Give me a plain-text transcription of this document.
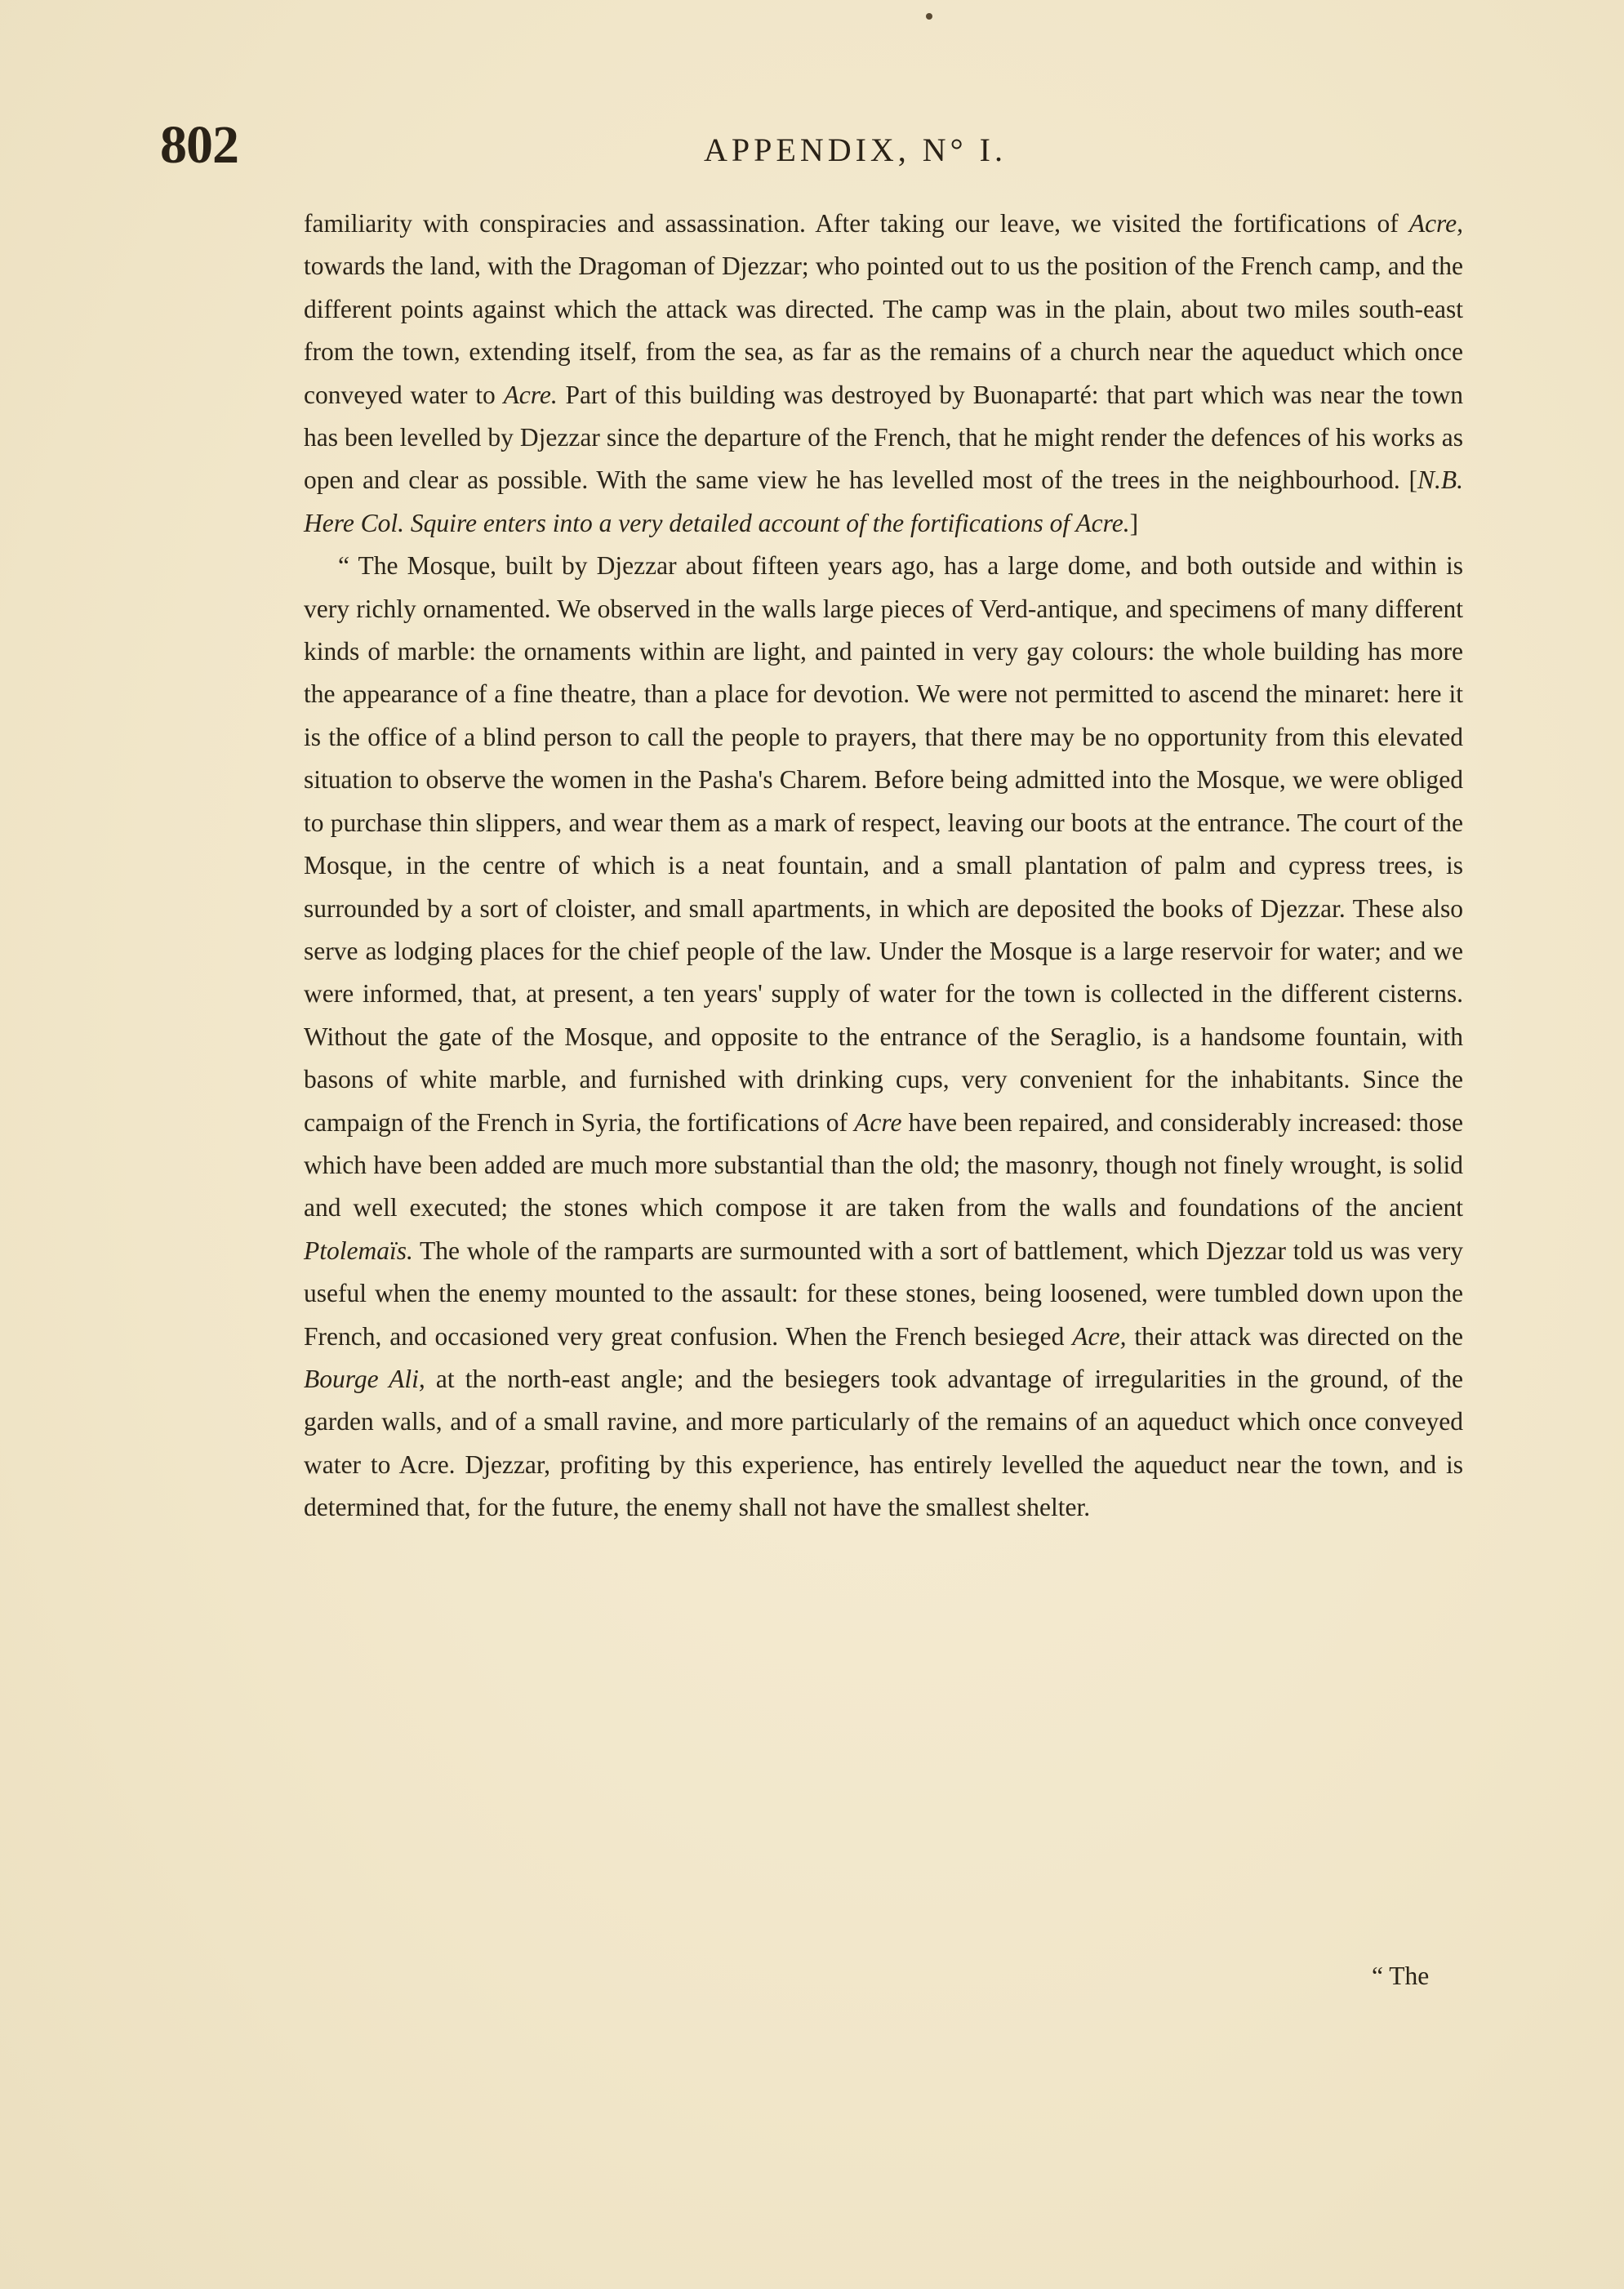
802	APPENDIX, N° I.

familiarity with conspiracies and assassination. After taking our leave, we visited the fortifications of Acre, towards the land, with the Dragoman of Djezzar; who pointed out to us the position of the French camp, and the different points against which the attack was directed. The camp was in the plain, about two miles south-east from the town, extending itself, from the sea, as far as the remains of a church near the aqueduct which once conveyed water to Acre. Part of this building was destroyed by Buonaparté: that part which was near the town has been levelled by Djezzar since the departure of the French, that he might render the defences of his works as open and clear as possible. With the same view he has levelled most of the trees in the neighbourhood. [N.B. Here Col. Squire enters into a very detailed account of the fortifications of Acre.]

“ The Mosque, built by Djezzar about fifteen years ago, has a large dome, and both outside and within is very richly ornamented. We observed in the walls large pieces of Verd-antique, and specimens of many different kinds of marble: the ornaments within are light, and painted in very gay colours: the whole building has more the appearance of a fine theatre, than a place for devotion. We were not permitted to ascend the minaret: here it is the office of a blind person to call the people to prayers, that there may be no opportunity from this elevated situation to observe the women in the Pasha's Charem. Before being admitted into the Mosque, we were obliged to purchase thin slippers, and wear them as a mark of respect, leaving our boots at the entrance. The court of the Mosque, in the centre of which is a neat fountain, and a small plantation of palm and cypress trees, is surrounded by a sort of cloister, and small apartments, in which are deposited the books of Djezzar. These also serve as lodging places for the chief people of the law. Under the Mosque is a large reservoir for water; and we were informed, that, at present, a ten years' supply of water for the town is collected in the different cisterns. Without the gate of the Mosque, and opposite to the entrance of the Seraglio, is a handsome fountain, with basons of white marble, and furnished with drinking cups, very convenient for the inhabitants. Since the campaign of the French in Syria, the fortifications of Acre have been repaired, and considerably increased: those which have been added are much more substantial than the old; the masonry, though not finely wrought, is solid and well executed; the stones which compose it are taken from the walls and foundations of the ancient Ptolemaïs. The whole of the ramparts are surmounted with a sort of battlement, which Djezzar told us was very useful when the enemy mounted to the assault: for these stones, being loosened, were tumbled down upon the French, and occasioned very great confusion. When the French besieged Acre, their attack was directed on the Bourge Ali, at the north-east angle; and the besiegers took advantage of irregularities in the ground, of the garden walls, and of a small ravine, and more particularly of the remains of an aqueduct which once conveyed water to Acre. Djezzar, profiting by this experience, has entirely levelled the aqueduct near the town, and is determined that, for the future, the enemy shall not have the smallest shelter.

“ The
